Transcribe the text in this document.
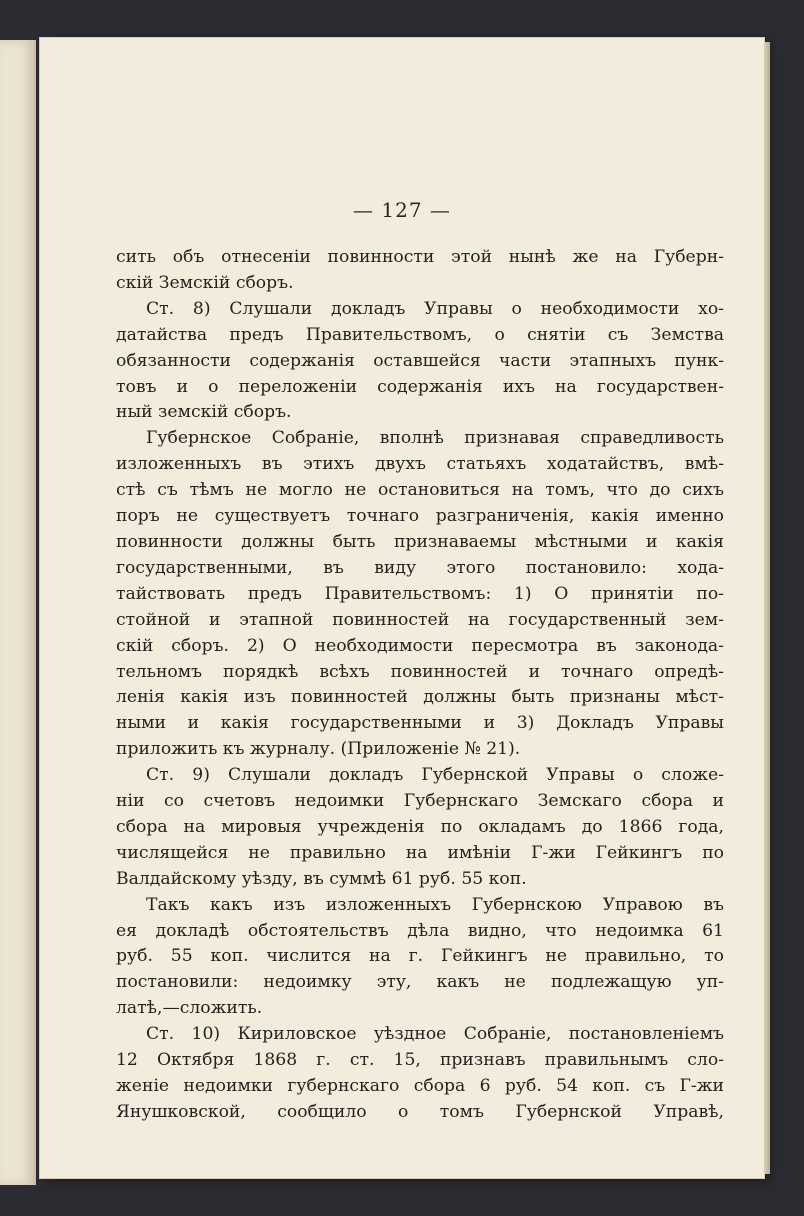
— 127 —

сить объ отнесеніи повинности этой нынѣ же на Губерн-

скій Земскій сборъ.

Ст. 8) Слушали докладъ Управы о необходимости хо-

датайства предъ Правительствомъ, о снятіи съ Земства

обязанности содержанія оставшейся части этапныхъ пунк-

товъ и о переложеніи содержанія ихъ на государствен-

ный земскій сборъ.

Губернское Собраніе, вполнѣ признавая справедливость

изложенныхъ въ этихъ двухъ статьяхъ ходатайствъ, вмѣ-

стѣ съ тѣмъ не могло не остановиться на томъ, что до сихъ

поръ не существуетъ точнаго разграниченія, какія именно

повинности должны быть признаваемы мѣстными и какія

государственными, въ виду этого постановило: хода-

тайствовать предъ Правительствомъ: 1) О принятіи по-

стойной и этапной повинностей на государственный зем-

скій сборъ. 2) О необходимости пересмотра въ законода-

тельномъ порядкѣ всѣхъ повинностей и точнаго опредѣ-

ленія какія изъ повинностей должны быть признаны мѣст-

ными и какія государственными и 3) Докладъ Управы

приложить къ журналу. (Приложеніе № 21).

Ст. 9) Слушали докладъ Губернской Управы о сложе-

ніи со счетовъ недоимки Губернскаго Земскаго сбора и

сбора на мировыя учрежденія по окладамъ до 1866 года,

числящейся не правильно на имѣніи Г-жи Гейкингъ по

Валдайскому уѣзду, въ суммѣ 61 руб. 55 коп.

Такъ какъ изъ изложенныхъ Губернскою Управою въ

ея докладѣ обстоятельствъ дѣла видно, что недоимка 61

руб. 55 коп. числится на г. Гейкингъ не правильно, то

постановили: недоимку эту, какъ не подлежащую уп-

латѣ,—сложить.

Ст. 10) Кириловское уѣздное Собраніе, постановленіемъ

12 Октября 1868 г. ст. 15, признавъ правильнымъ сло-

женіе недоимки губернскаго сбора 6 руб. 54 коп. съ Г-жи

Янушковской, сообщило о томъ Губернской Управѣ,
